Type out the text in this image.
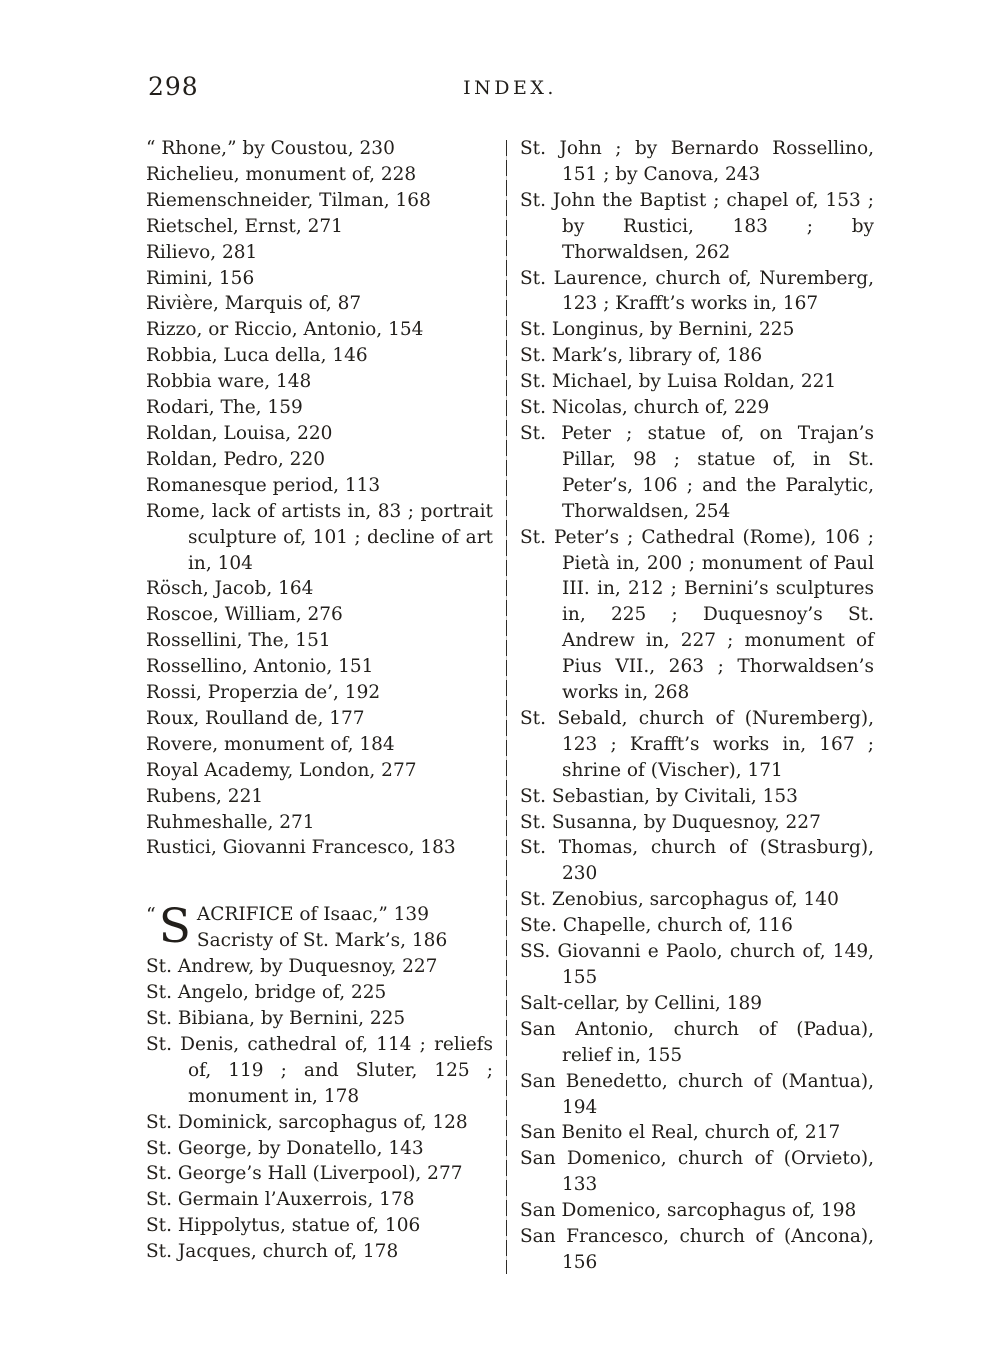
298	INDEX.
“ Rhone,” by Coustou, 230
Richelieu, monument of, 228
Riemenschneider, Tilman, 168
Rietschel, Ernst, 271
Rilievo, 281
Rimini, 156
Rivière, Marquis of, 87
Rizzo, or Riccio, Antonio, 154
Robbia, Luca della, 146
Robbia ware, 148
Rodari, The, 159
Roldan, Louisa, 220
Roldan, Pedro, 220
Romanesque period, 113
Rome, lack of artists in, 83 ; portrait sculpture of, 101 ; decline of art in, 104
Rösch, Jacob, 164
Roscoe, William, 276
Rossellini, The, 151
Rossellino, Antonio, 151
Rossi, Properzia de’, 192
Roux, Roulland de, 177
Rovere, monument of, 184
Royal Academy, London, 277
Rubens, 221
Ruhmeshalle, 271
Rustici, Giovanni Francesco, 183
“ S ACRIFICE of Isaac,” 139
Sacristy of St. Mark’s, 186
St. Andrew, by Duquesnoy, 227
St. Angelo, bridge of, 225
St. Bibiana, by Bernini, 225
St. Denis, cathedral of, 114 ; reliefs of, 119 ; and Sluter, 125 ; monument in, 178
St. Dominick, sarcophagus of, 128
St. George, by Donatello, 143
St. George’s Hall (Liverpool), 277
St. Germain l’Auxerrois, 178
St. Hippolytus, statue of, 106
St. Jacques, church of, 178
St. John ; by Bernardo Rossellino, 151 ; by Canova, 243
St. John the Baptist ; chapel of, 153 ; by Rustici, 183 ; by Thorwaldsen, 262
St. Laurence, church of, Nuremberg, 123 ; Krafft’s works in, 167
St. Longinus, by Bernini, 225
St. Mark’s, library of, 186
St. Michael, by Luisa Roldan, 221
St. Nicolas, church of, 229
St. Peter ; statue of, on Trajan’s Pillar, 98 ; statue of, in St. Peter’s, 106 ; and the Paralytic, Thorwaldsen, 254
St. Peter’s ; Cathedral (Rome), 106 ; Pietà in, 200 ; monument of Paul III. in, 212 ; Bernini’s sculptures in, 225 ; Duquesnoy’s St. Andrew in, 227 ; monument of Pius VII., 263 ; Thorwaldsen’s works in, 268
St. Sebald, church of (Nuremberg), 123 ; Krafft’s works in, 167 ; shrine of (Vischer), 171
St. Sebastian, by Civitali, 153
St. Susanna, by Duquesnoy, 227
St. Thomas, church of (Strasburg), 230
St. Zenobius, sarcophagus of, 140
Ste. Chapelle, church of, 116
SS. Giovanni e Paolo, church of, 149, 155
Salt-cellar, by Cellini, 189
San Antonio, church of (Padua), relief in, 155
San Benedetto, church of (Mantua), 194
San Benito el Real, church of, 217
San Domenico, church of (Orvieto), 133
San Domenico, sarcophagus of, 198
San Francesco, church of (Ancona), 156
